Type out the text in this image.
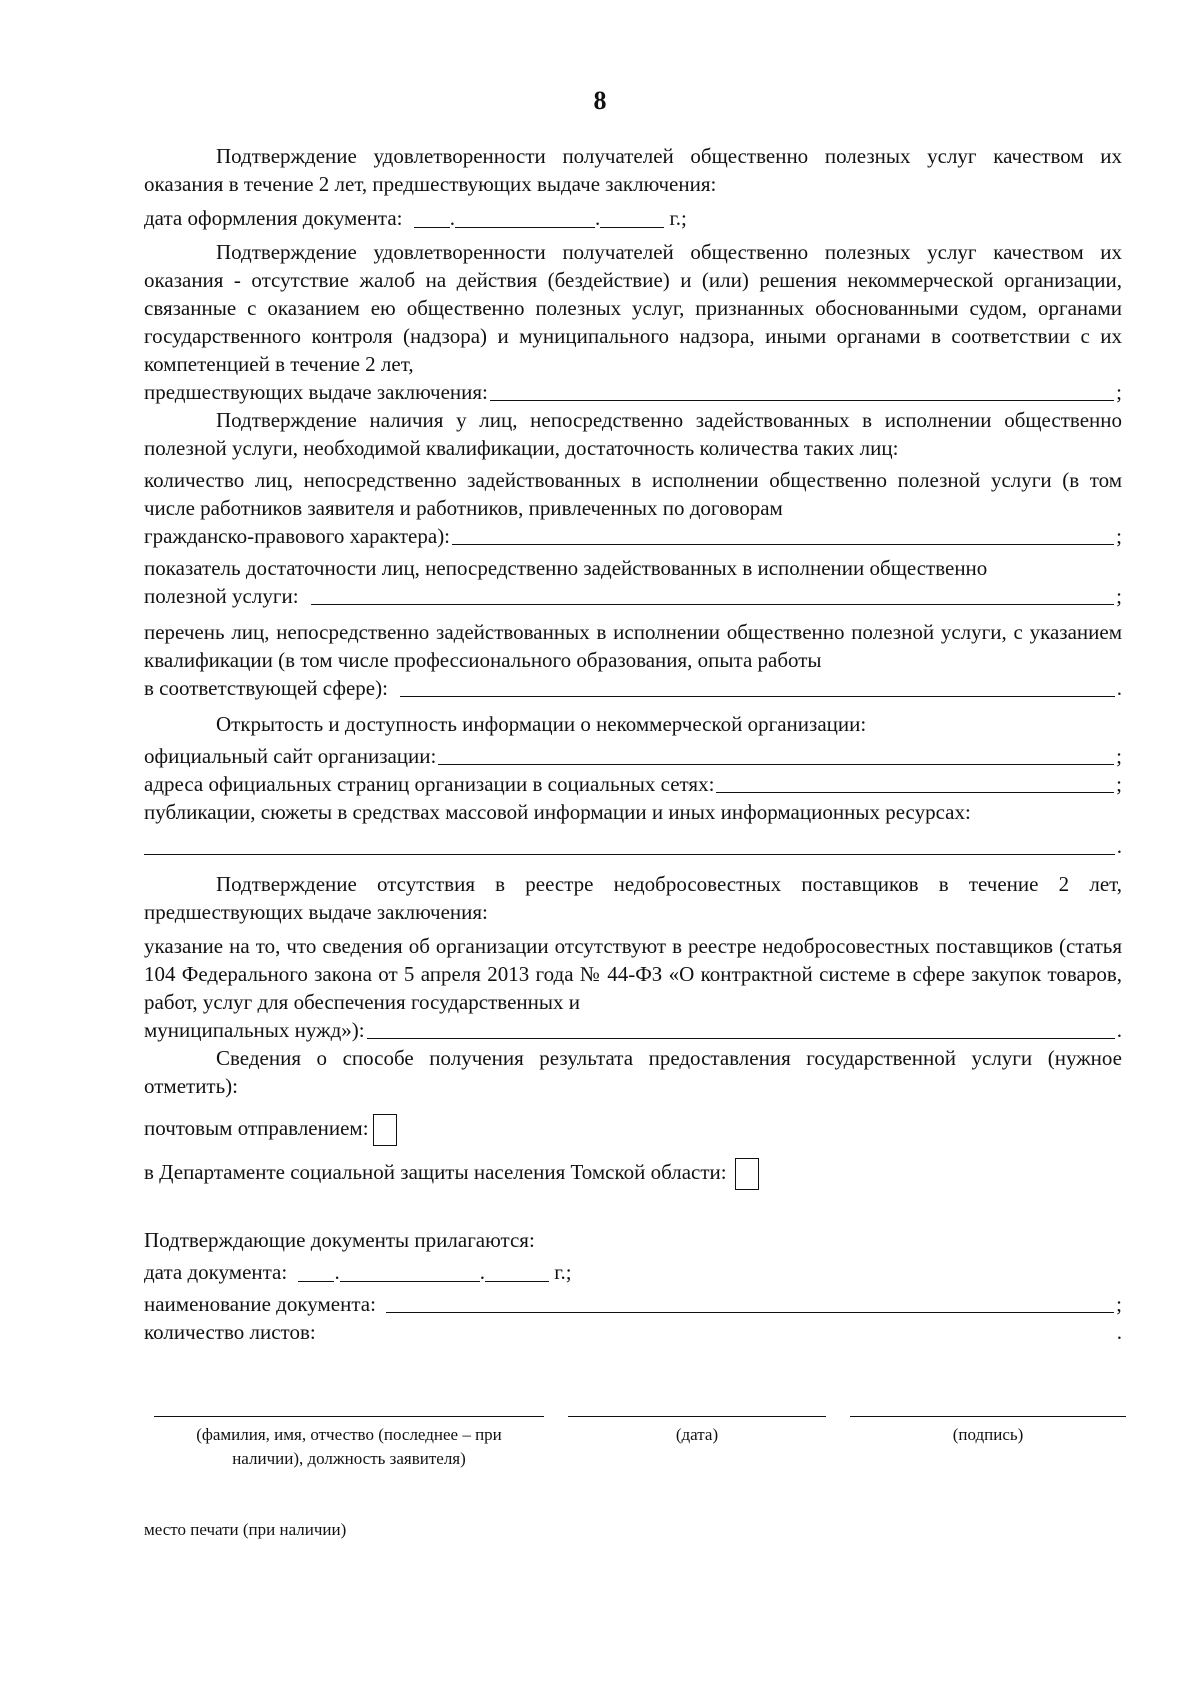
8

Подтверждение удовлетворенности получателей общественно полезных услуг качеством их оказания в течение 2 лет, предшествующих выдаче заключения:

дата оформления документа: .	.	г.;

Подтверждение удовлетворенности получателей общественно полезных услуг качеством их оказания - отсутствие жалоб на действия (бездействие) и (или) решения некоммерческой организации, связанные с оказанием ею общественно полезных услуг, признанных обоснованными судом, органами государственного контроля (надзора) и муниципального надзора, иными органами в соответствии с их компетенцией в течение 2 лет,

предшествующих выдаче заключения:	;

Подтверждение наличия у лиц, непосредственно задействованных в исполнении общественно полезной услуги, необходимой квалификации, достаточность количества таких лиц:

количество лиц, непосредственно задействованных в исполнении общественно полезной услуги (в том числе работников заявителя и работников, привлеченных по договорам

гражданско-правового характера):	;

показатель достаточности лиц, непосредственно задействованных в исполнении общественно

полезной услуги:	;

перечень лиц, непосредственно задействованных в исполнении общественно полезной услуги, с указанием квалификации (в том числе профессионального образования, опыта работы

в соответствующей сфере):	.

Открытость и доступность информации о некоммерческой организации:

официальный сайт организации:	;
адреса официальных страниц организации в социальных сетях:	;

публикации, сюжеты в средствах массовой информации и иных информационных ресурсах:

.

Подтверждение отсутствия в реестре недобросовестных поставщиков в течение 2 лет, предшествующих выдаче заключения:

указание на то, что сведения об организации отсутствуют в реестре недобросовестных поставщиков (статья 104 Федерального закона от 5 апреля 2013 года № 44-ФЗ «О контрактной системе в сфере закупок товаров, работ, услуг для обеспечения государственных и

муниципальных нужд»):	.

Сведения о способе получения результата предоставления государственной услуги (нужное отметить):

почтовым отправлением:

в Департаменте социальной защиты населения Томской области:

Подтверждающие документы прилагаются:

дата документа: .	.	г.;

наименование документа:	;
количество листов:	.
(фамилия, имя, отчество (последнее – при
наличии), должность заявителя)
(дата)	(подпись)
место печати (при наличии)
